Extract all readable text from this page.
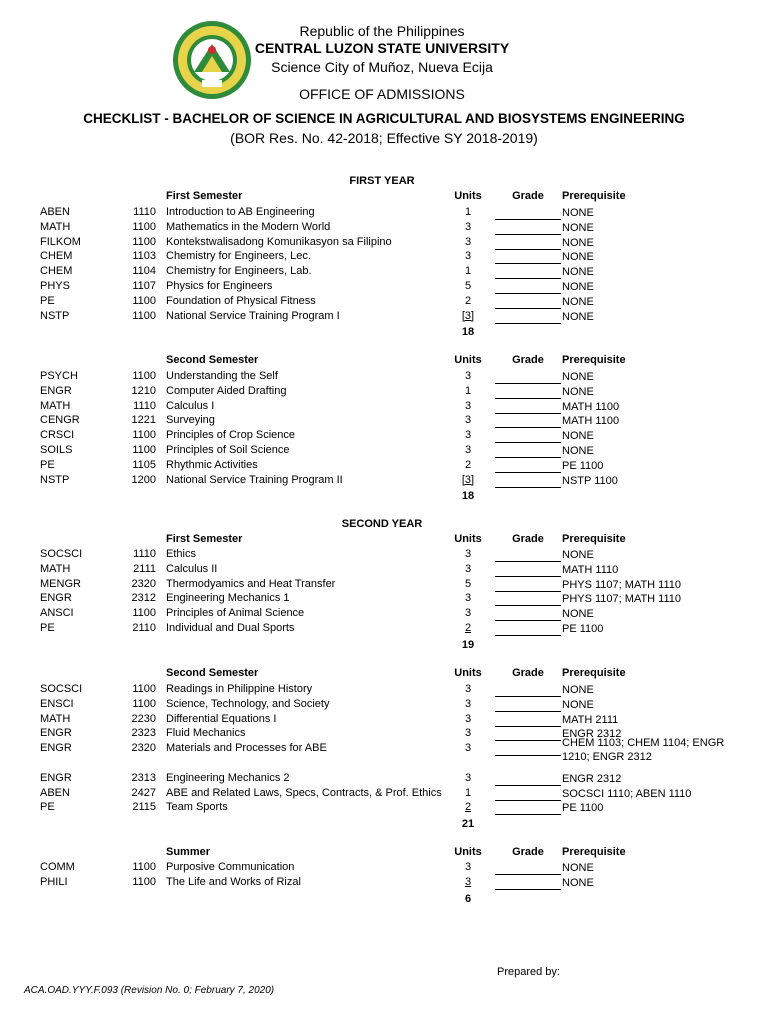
Republic of the Philippines
CENTRAL LUZON STATE UNIVERSITY
Science City of Muñoz, Nueva Ecija
OFFICE OF ADMISSIONS
CHECKLIST - BACHELOR OF SCIENCE IN AGRICULTURAL AND BIOSYSTEMS ENGINEERING
(BOR Res. No. 42-2018; Effective SY 2018-2019)
FIRST YEAR
First Semester	Units	Grade	Prerequisite
ABEN	1110 Introduction to AB Engineering	1	NONE
MATH	1100 Mathematics in the Modern World	3	NONE
FILKOM	1100 Kontekstwalisadong Komunikasyon sa Filipino	3	NONE
CHEM	1103 Chemistry for Engineers, Lec.	3	NONE
CHEM	1104 Chemistry for Engineers, Lab.	1	NONE
PHYS	1107 Physics for Engineers	5	NONE
PE	1100 Foundation of Physical Fitness	2	NONE
NSTP	1100 National Service Training Program I	[3]	NONE
18
Second Semester	Units	Grade	Prerequisite
PSYCH	1100 Understanding the Self	3	NONE
ENGR	1210 Computer Aided Drafting	1	NONE
MATH	1110 Calculus I	3	MATH 1100
CENGR	1221 Surveying	3	MATH 1100
CRSCI	1100 Principles of Crop Science	3	NONE
SOILS	1100 Principles of Soil Science	3	NONE
PE	1105 Rhythmic Activities	2	PE 1100
NSTP	1200 National Service Training Program II	[3]	NSTP 1100
18
SECOND YEAR
First Semester	Units	Grade	Prerequisite
SOCSCI	1110 Ethics	3	NONE
MATH	2111 Calculus II	3	MATH 1110
MENGR	2320 Thermodyamics and Heat Transfer	5	PHYS 1107; MATH 1110
ENGR	2312 Engineering Mechanics 1	3	PHYS 1107; MATH 1110
ANSCI	1100 Principles of Animal Science	3	NONE
PE	2110 Individual and Dual Sports	2	PE 1100
19
Second Semester	Units	Grade	Prerequisite
SOCSCI	1100 Readings in Philippine History	3	NONE
ENSCI	1100 Science, Technology, and Society	3	NONE
MATH	2230 Differential Equations I	3	MATH 2111
ENGR	2323 Fluid Mechanics	3	ENGR 2312
ENGR	2320 Materials and Processes for ABE	3	CHEM 1103; CHEM 1104; ENGR 1210; ENGR 2312
ENGR	2313 Engineering Mechanics 2	3	ENGR 2312
ABEN	2427 ABE and Related Laws, Specs, Contracts, & Prof. Ethics	1	SOCSCI 1110; ABEN 1110
PE	2115 Team Sports	2	PE 1100
21
Summer	Units	Grade	Prerequisite
COMM	1100 Purposive Communication	3	NONE
PHILI	1100 The Life and Works of Rizal	3	NONE
6
Prepared by:
ACA.OAD.YYY.F.093 (Revision No. 0; February 7, 2020)
